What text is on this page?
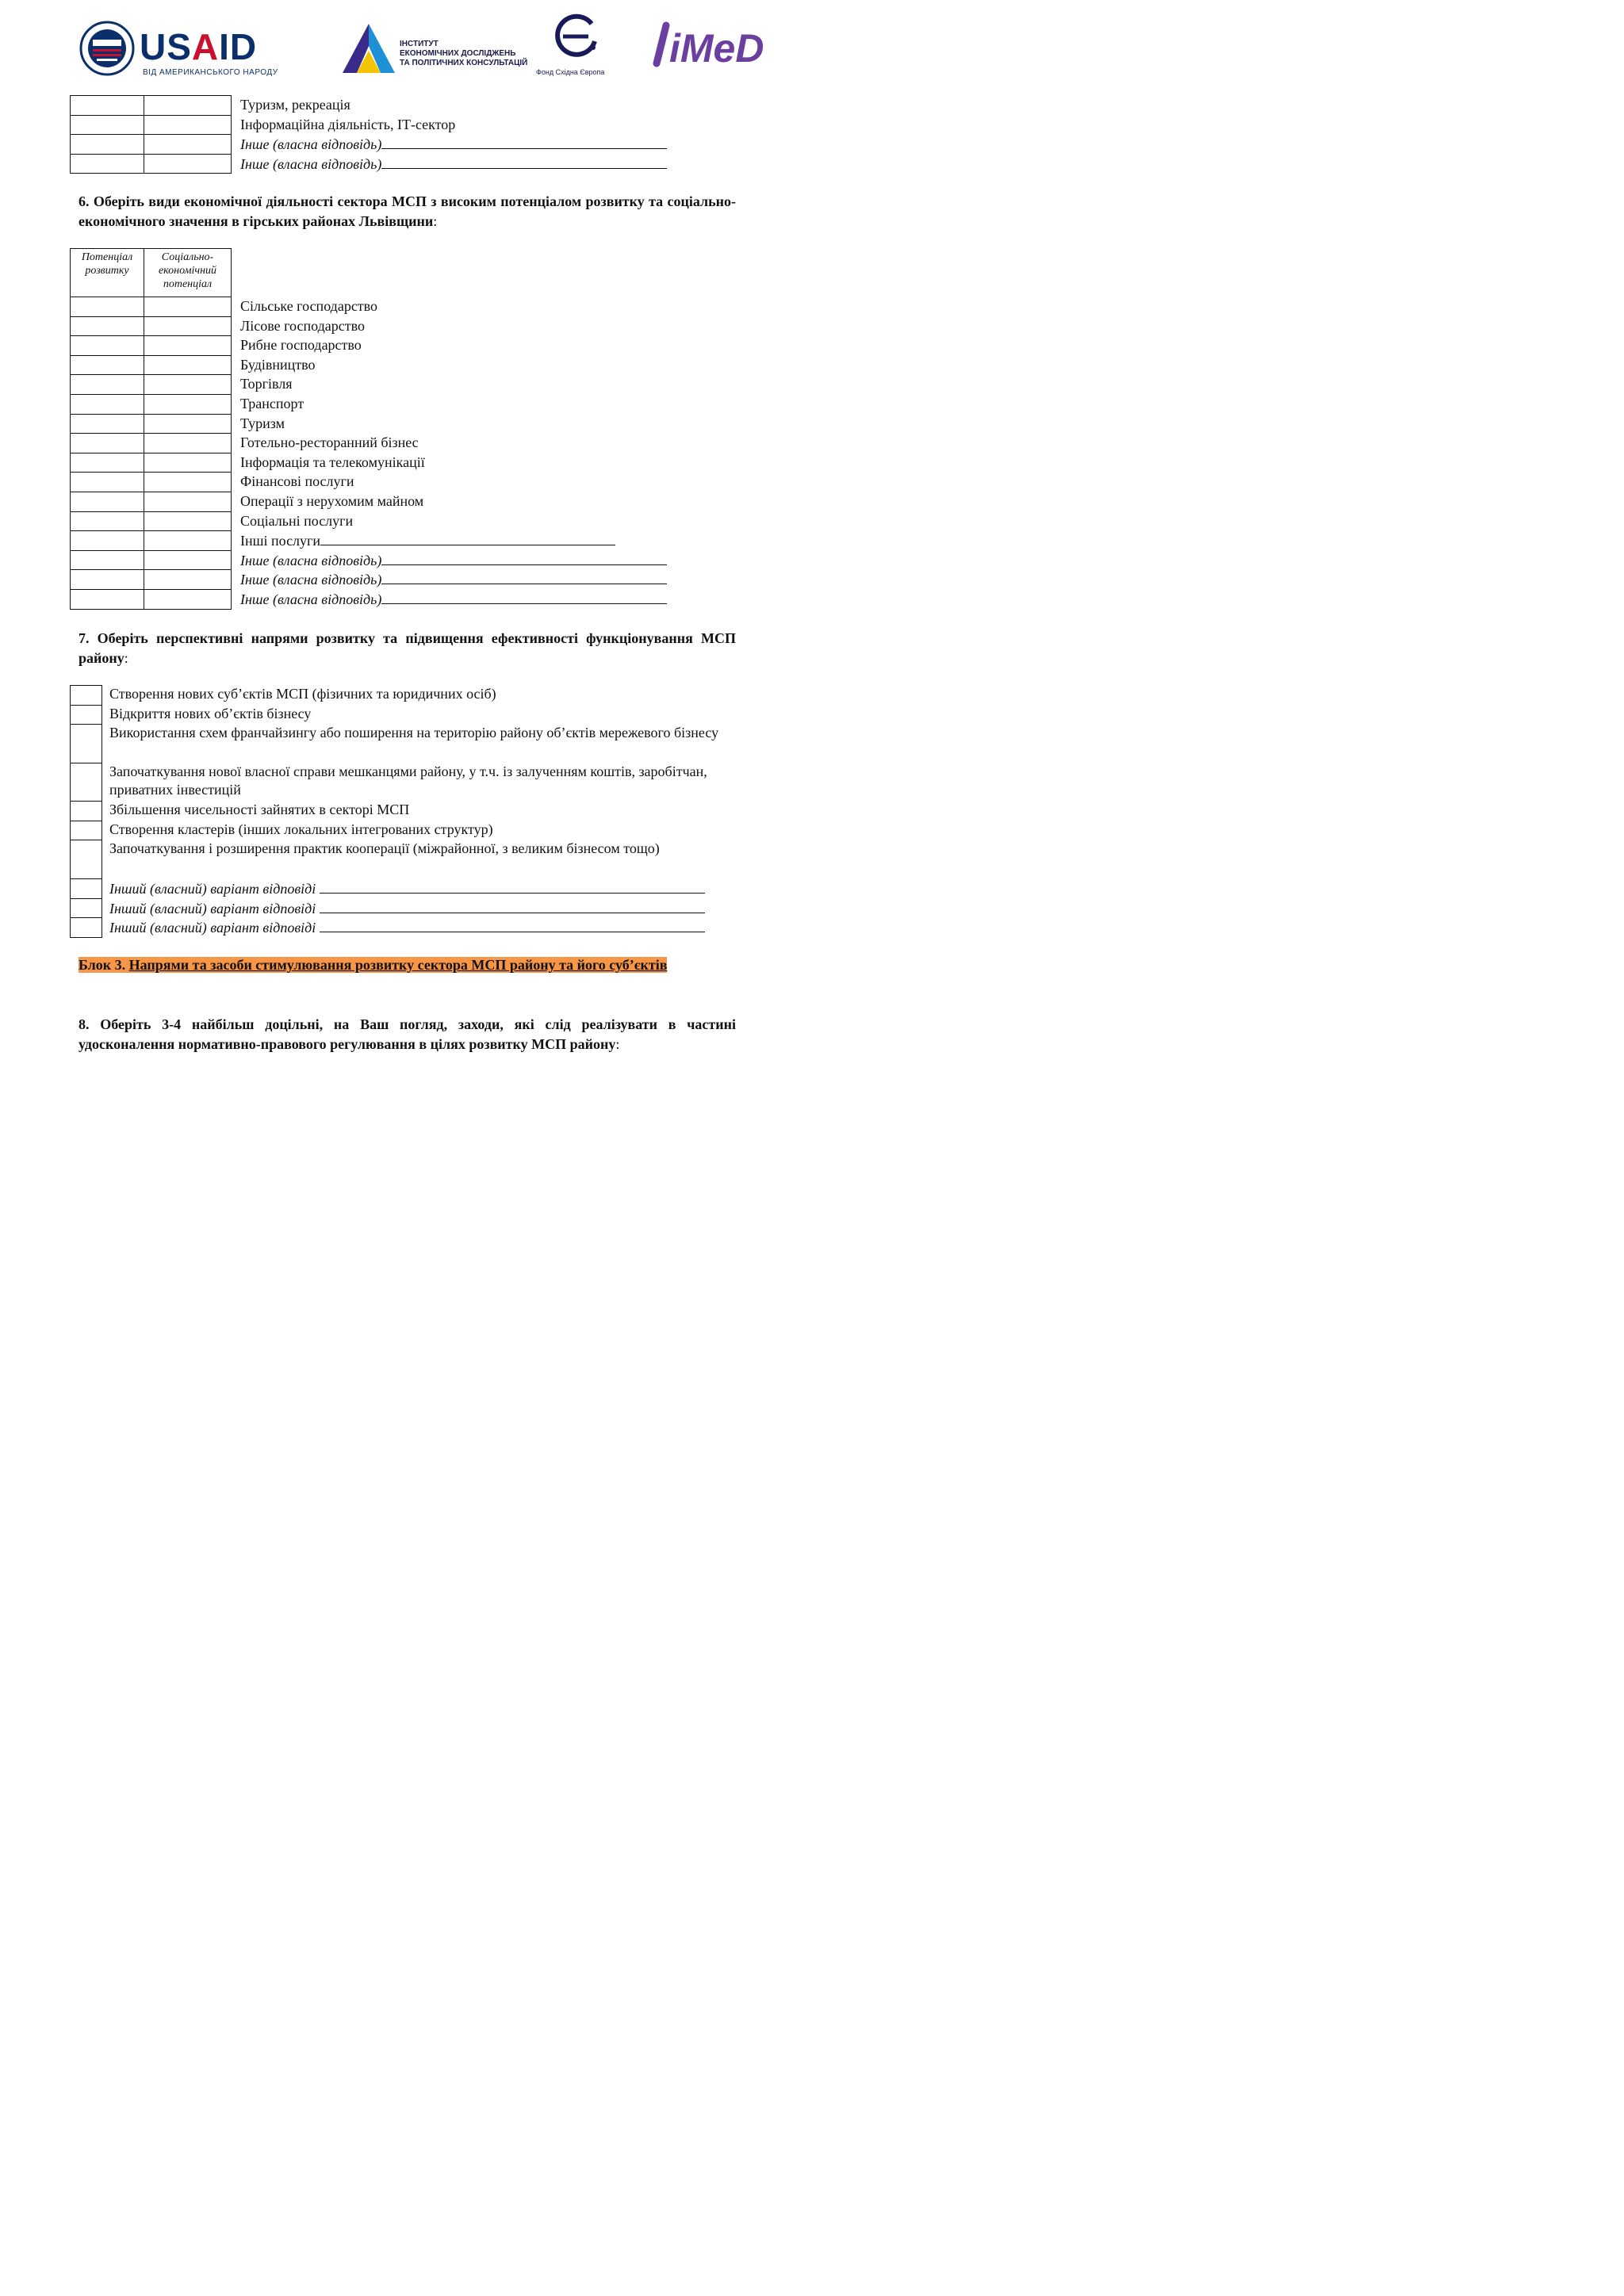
USAID
ВІД АМЕРИКАНСЬКОГО НАРОДУ
ІНСТИТУТ
ЕКОНОМІЧНИХ ДОСЛІДЖЕНЬ
ТА ПОЛІТИЧНИХ КОНСУЛЬТАЦІЙ
Фонд Східна Європа
iMeD

Туризм, рекреація
Інформаційна діяльність, ІТ-сектор
Інше (власна відповідь)
Інше (власна відповідь)
6. Оберіть види економічної діяльності сектора МСП з високим потенціалом розвитку та соціально-економічного значення в гірських районах Львівщини:
Потенціал розвитку	Соціально-економічний потенціал

Сільське господарство
Лісове господарство
Рибне господарство
Будівництво
Торгівля
Транспорт
Туризм
Готельно-ресторанний бізнес
Інформація та телекомунікації
Фінансові послуги
Операції з нерухомим майном
Соціальні послуги
Інші послуги
Інше (власна відповідь)
Інше (власна відповідь)
Інше (власна відповідь)
7. Оберіть перспективні напрями розвитку та підвищення ефективності функціонування МСП району:

Створення нових суб’єктів МСП (фізичних та юридичних осіб)
Відкриття нових об’єктів бізнесу
Використання схем франчайзингу або поширення на територію району об’єктів мережевого бізнесу
Започаткування нової власної справи мешканцями району, у т.ч. із залученням коштів, заробітчан, приватних інвестицій
Збільшення чисельності зайнятих в секторі МСП
Створення кластерів (інших локальних інтегрованих структур)
Започаткування і розширення практик кооперації (міжрайонної, з великим бізнесом тощо)
Інший (власний) варіант відповіді
Інший (власний) варіант відповіді
Інший (власний) варіант відповіді
Блок 3. Напрями та засоби стимулювання розвитку сектора МСП району та його суб’єктів
8. Оберіть 3-4 найбільш доцільні, на Ваш погляд, заходи, які слід реалізувати в частині удосконалення нормативно-правового регулювання в цілях розвитку МСП району:
